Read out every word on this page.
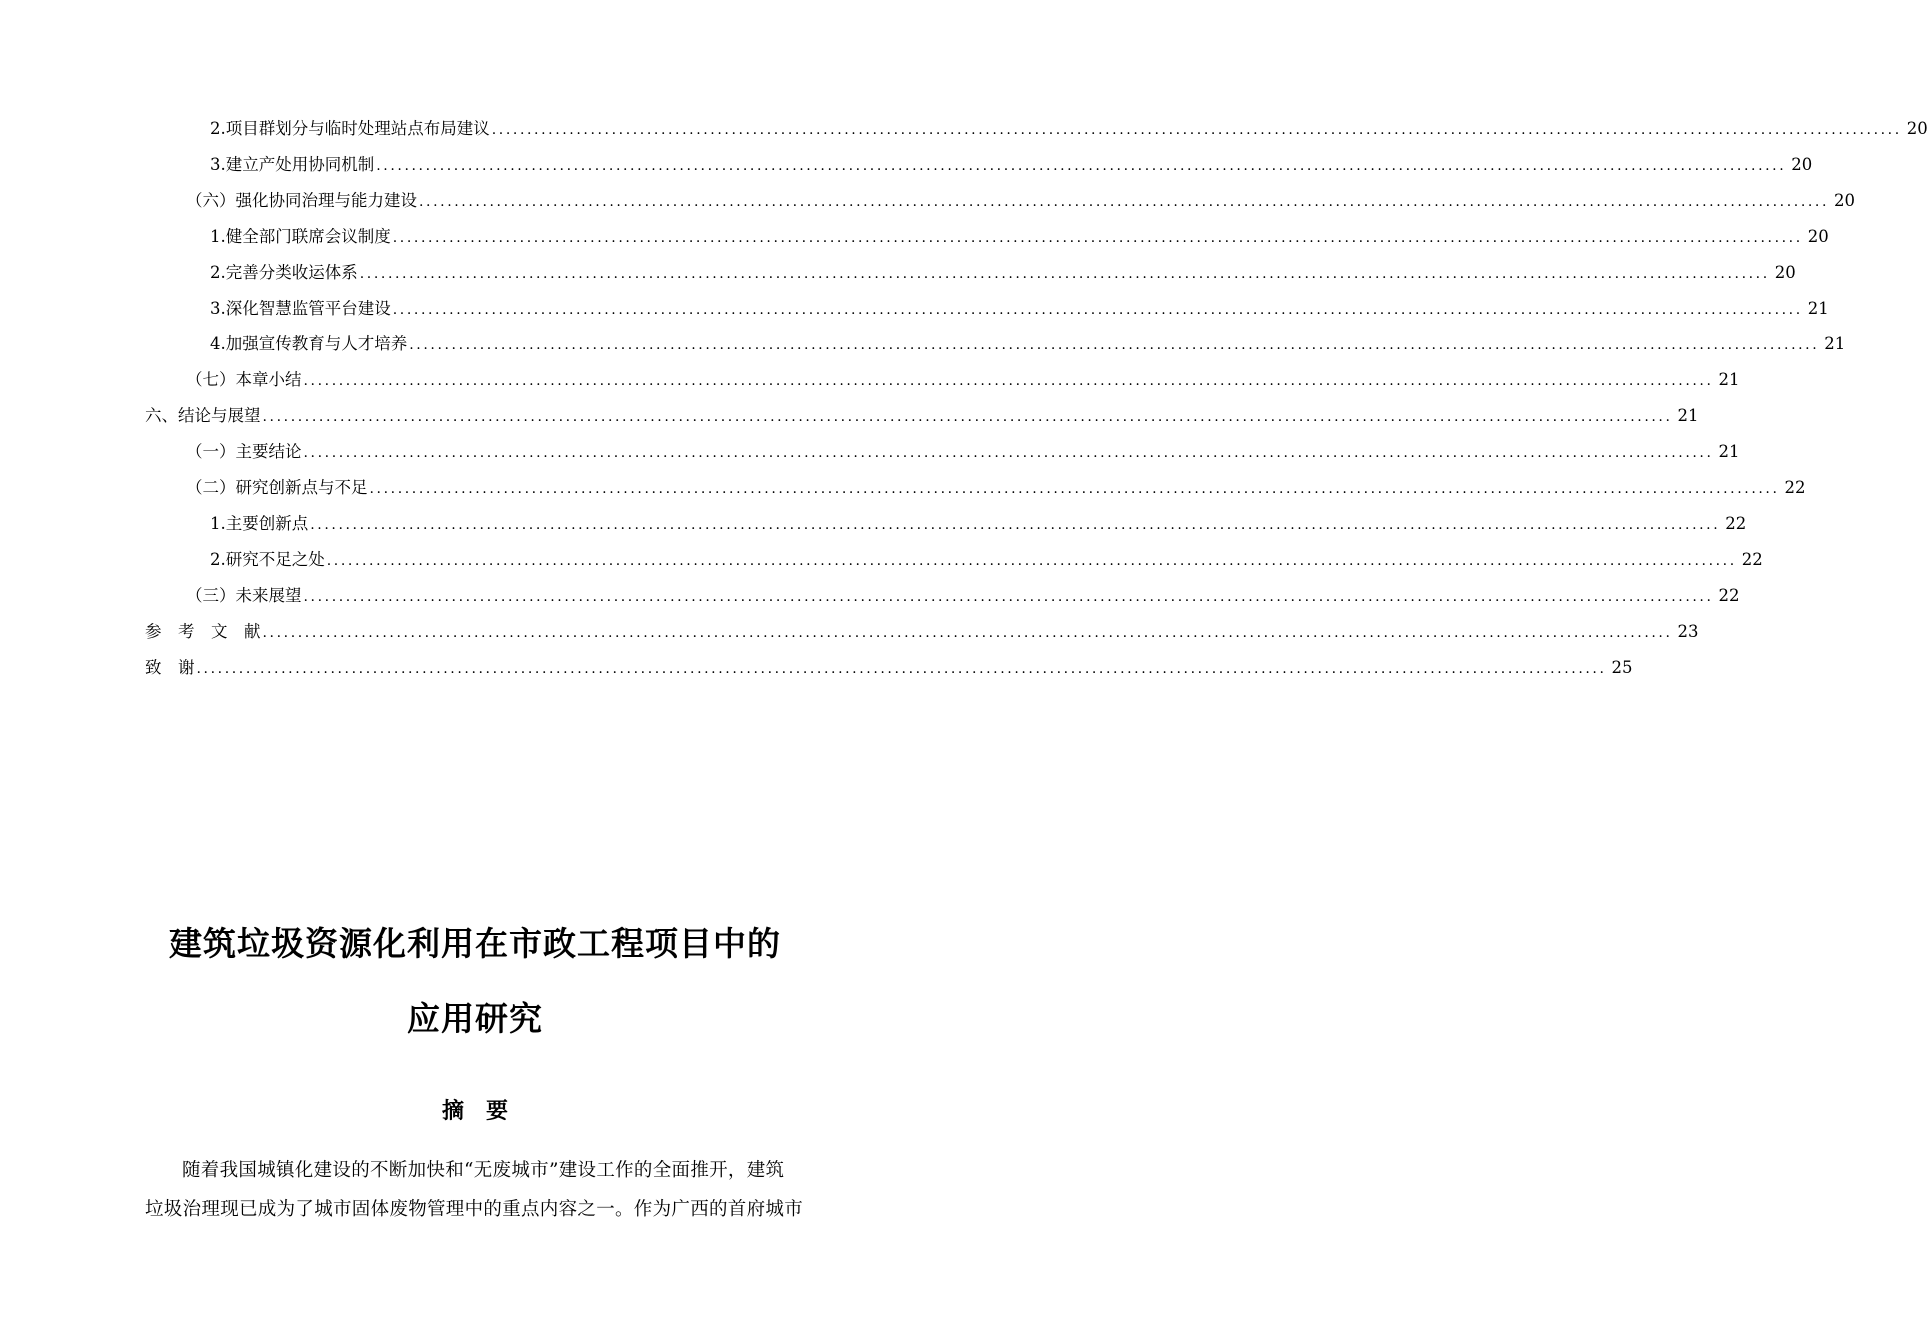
2.项目群划分与临时处理站点布局建议 ........................................................................................................................................................................................................ 20
3.建立产处用协同机制 ........................................................................................................................................................................................................ 20
（六）强化协同治理与能力建设 ........................................................................................................................................................................................................ 20
1.健全部门联席会议制度 ........................................................................................................................................................................................................ 20
2.完善分类收运体系 ........................................................................................................................................................................................................ 20
3.深化智慧监管平台建设 ........................................................................................................................................................................................................ 21
4.加强宣传教育与人才培养 ........................................................................................................................................................................................................ 21
（七）本章小结 ........................................................................................................................................................................................................ 21
六、结论与展望 ........................................................................................................................................................................................................ 21
（一）主要结论 ........................................................................................................................................................................................................ 21
（二）研究创新点与不足 ........................................................................................................................................................................................................ 22
1.主要创新点 ........................................................................................................................................................................................................ 22
2.研究不足之处 ........................................................................................................................................................................................................ 22
（三）未来展望 ........................................................................................................................................................................................................ 22
参　考　文　献 ........................................................................................................................................................................................................ 23
致　谢 ........................................................................................................................................................................................................ 25
建筑垃圾资源化利用在市政工程项目中的
应用研究
摘　要
随着我国城镇化建设的不断加快和“无废城市”建设工作的全面推开，建筑
垃圾治理现已成为了城市固体废物管理中的重点内容之一。作为广西的首府城市
